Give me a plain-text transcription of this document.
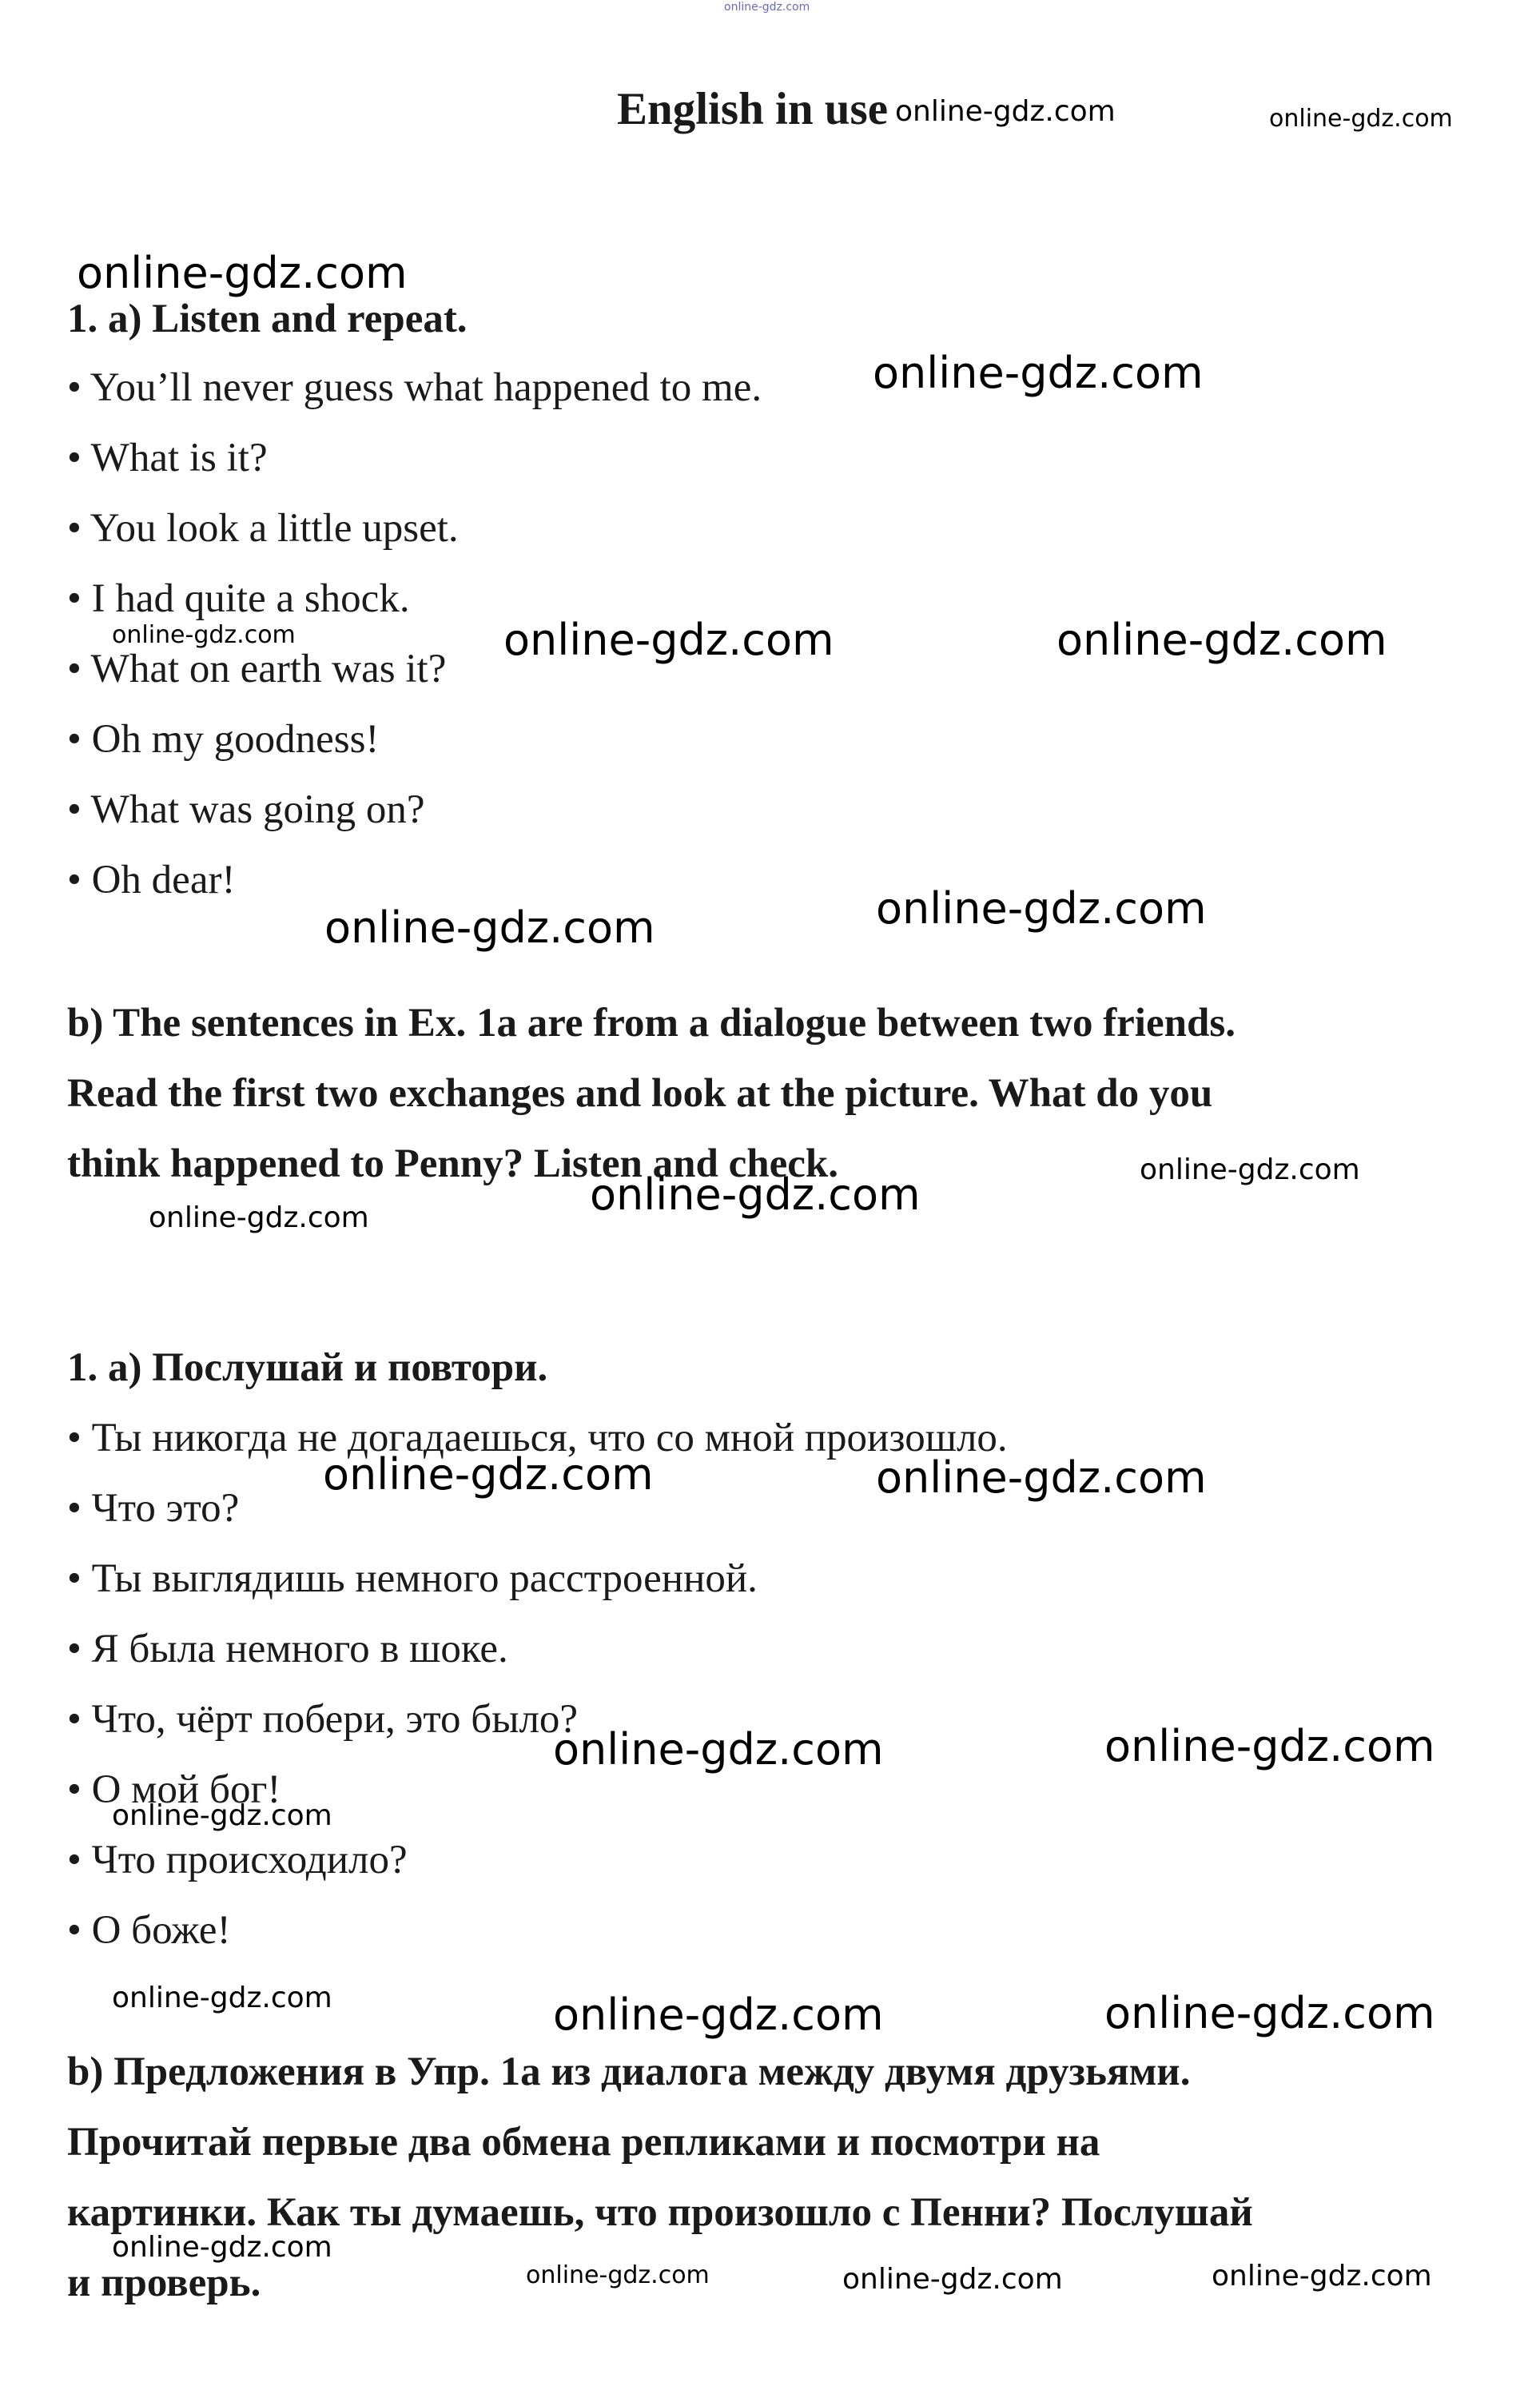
online-gdz.com
English in use
1. a) Listen and repeat.
• You’ll never guess what happened to me.
• What is it?
• You look a little upset.
• I had quite a shock.
• What on earth was it?
• Oh my goodness!
• What was going on?
• Oh dear!
b) The sentences in Ex. 1a are from a dialogue between two friends.
Read the first two exchanges and look at the picture. What do you
think happened to Penny? Listen and check.
1. a) Послушай и повтори.
• Ты никогда не догадаешься, что со мной произошло.
• Что это?
• Ты выглядишь немного расстроенной.
• Я была немного в шоке.
• Что, чёрт побери, это было?
• О мой бог!
• Что происходило?
• О боже!
b) Предложения в Упр. 1а из диалога между двумя друзьями.
Прочитай первые два обмена репликами и посмотри на
картинки. Как ты думаешь, что произошло с Пенни? Послушай
и проверь.
online-gdz.com	online-gdz.com
online-gdz.com
online-gdz.com
online-gdz.com	online-gdz.com	online-gdz.com
online-gdz.com
online-gdz.com
online-gdz.com	online-gdz.com
online-gdz.com
online-gdz.com	online-gdz.com
online-gdz.com	online-gdz.com
online-gdz.com
online-gdz.com	online-gdz.com	online-gdz.com
online-gdz.com
online-gdz.com	online-gdz.com	online-gdz.com
